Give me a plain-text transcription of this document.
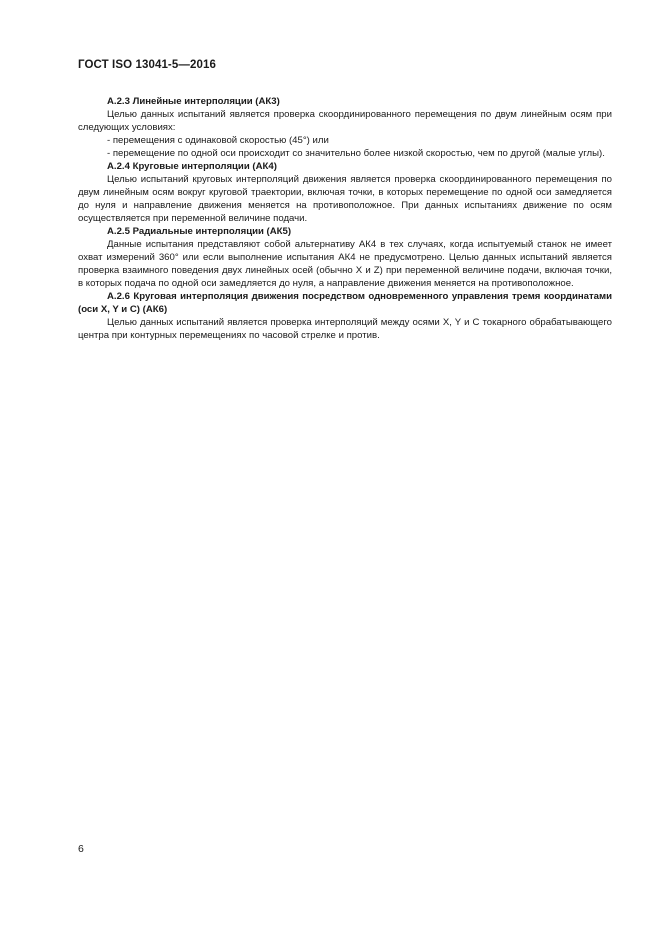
ГОСТ ISO 13041-5—2016

А.2.3 Линейные интерполяции (АК3)

Целью данных испытаний является проверка скоординированного перемещения по двум линейным осям при следующих условиях:

- перемещения с одинаковой скоростью (45°) или

- перемещение по одной оси происходит со значительно более низкой скоростью, чем по другой (малые углы).

А.2.4 Круговые интерполяции (АК4)

Целью испытаний круговых интерполяций движения является проверка скоординированного перемещения по двум линейным осям вокруг круговой траектории, включая точки, в которых перемещение по одной оси замедляется до нуля и направление движения меняется на противоположное. При данных испытаниях движение по осям осуществляется при переменной величине подачи.

А.2.5 Радиальные интерполяции (АК5)

Данные испытания представляют собой альтернативу АК4 в тех случаях, когда испытуемый станок не имеет охват измерений 360° или если выполнение испытания АК4 не предусмотрено. Целью данных испытаний является проверка взаимного поведения двух линейных осей (обычно X и Z) при переменной величине подачи, включая точки, в которых подача по одной оси замедляется до нуля, а направление движения меняется на противоположное.

А.2.6 Круговая интерполяция движения посредством одновременного управления тремя координатами (оси X, Y и C) (АК6)

Целью данных испытаний является проверка интерполяций между осями X, Y и C токарного обрабатывающего центра при контурных перемещениях по часовой стрелке и против.

6
